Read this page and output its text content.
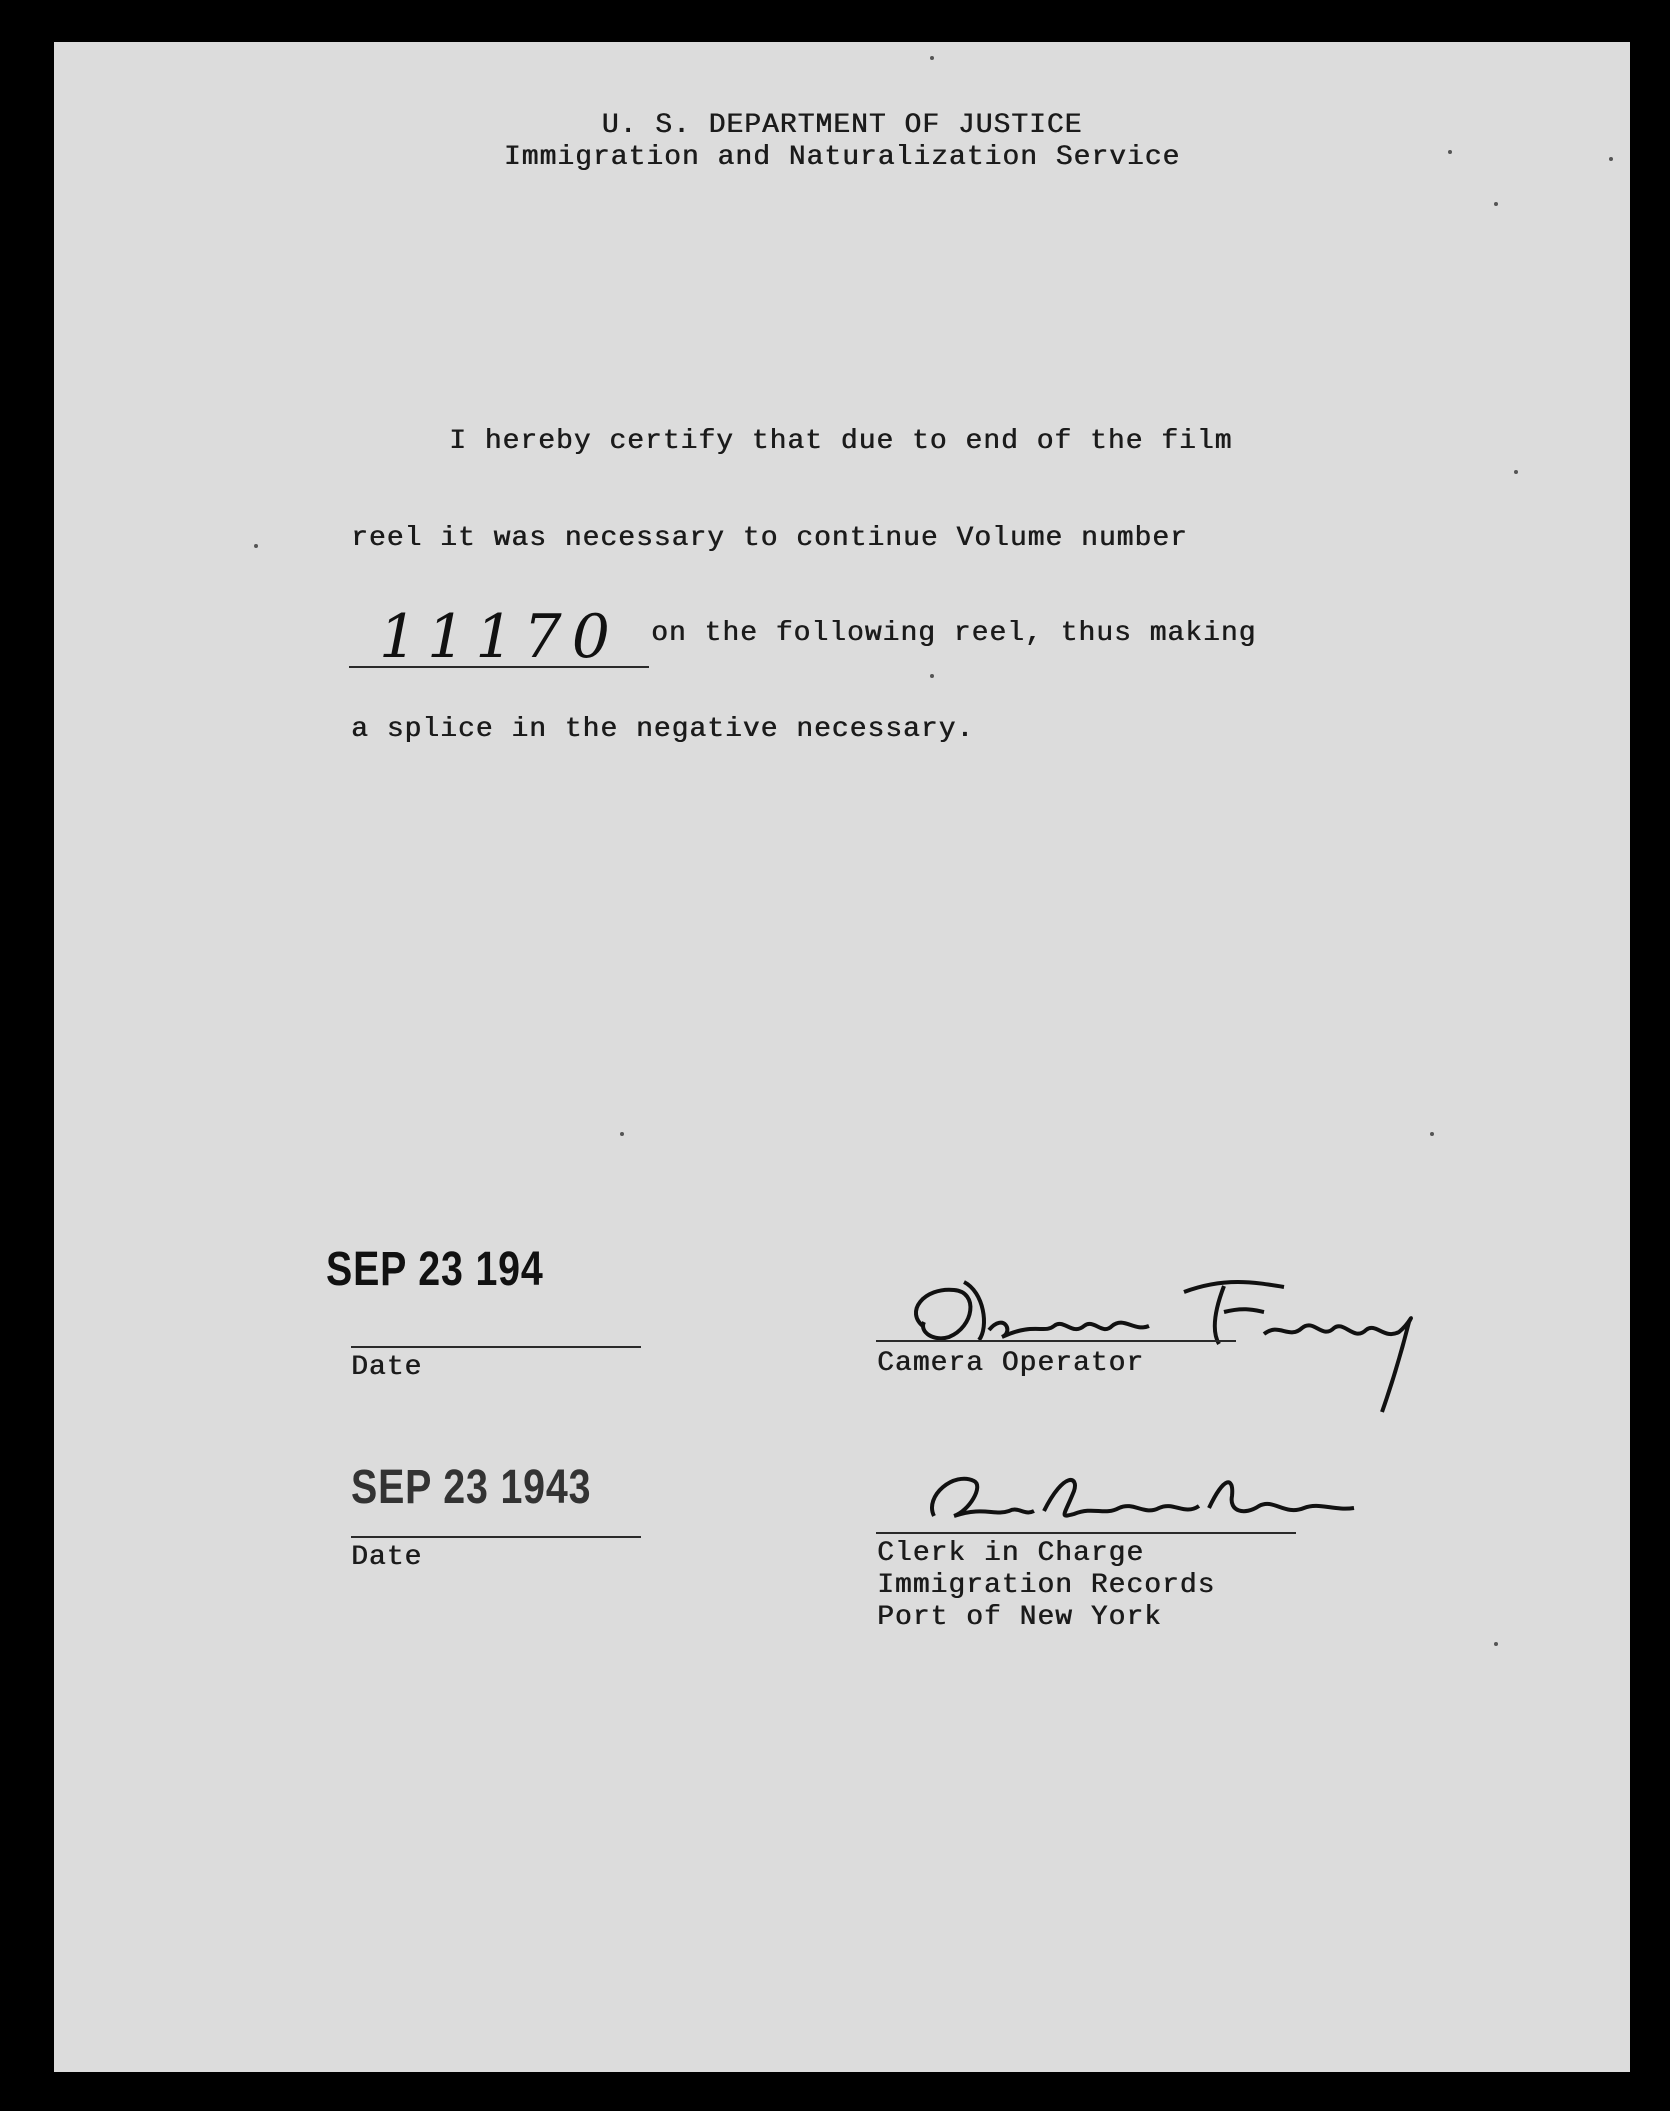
U. S. DEPARTMENT OF JUSTICE
Immigration and Naturalization Service
I hereby certify that due to end of the film
reel it was necessary to continue Volume number
11170 on the following reel, thus making
a splice in the negative necessary.
SEP 23 194
Date	Camera Operator
SEP 23 1943
Date	Clerk in Charge
Immigration Records
Port of New York
